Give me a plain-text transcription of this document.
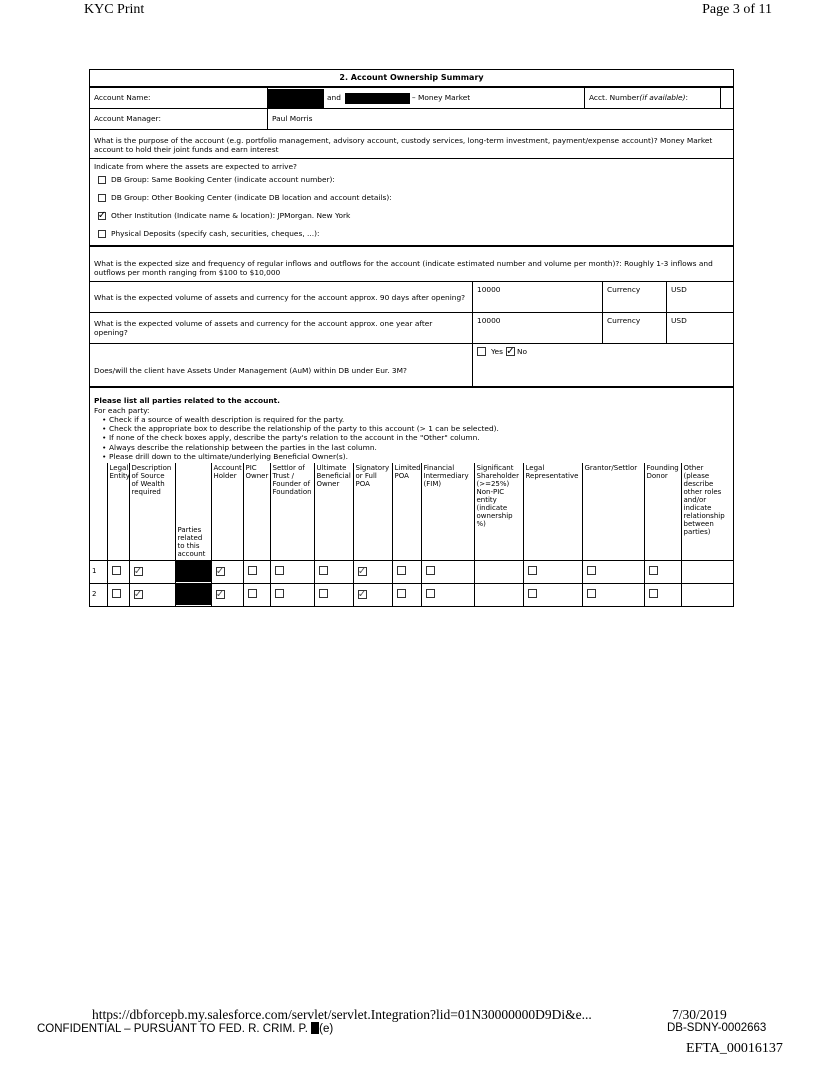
KYC Print	Page 3 of 11
2. Account Ownership Summary
Account Name:	and	– Money Market	Acct. Number (if available) :
Account Manager:	Paul Morris
What is the purpose of the account (e.g. portfolio management, advisory account, custody services, long-term investment, payment/expense account)? Money Market account to hold their joint funds and earn interest
Indicate from where the assets are expected to arrive?
DB Group: Same Booking Center (indicate account number):
DB Group: Other Booking Center (indicate DB location and account details):
✓ Other Institution (Indicate name & location): JPMorgan. New York
Physical Deposits (specify cash, securities, cheques, ...):
What is the expected size and frequency of regular inflows and outflows for the account (indicate estimated number and volume per month)?: Roughly 1-3 inflows and outflows per month ranging from $100 to $10,000
What is the expected volume of assets and currency for the account approx. 90 days after opening?
10000	Currency	USD
What is the expected volume of assets and currency for the account approx. one year after opening?
10000	Currency	USD
Does/will the client have Assets Under Management (AuM) within DB under Eur. 3M?
Yes ✓ No
Please list all parties related to the account.
For each party:
• Check if a source of wealth description is required for the party.
• Check the appropriate box to describe the relationship of the party to this account (> 1 can be selected).
• If none of the check boxes apply, describe the party's relation to the account in the "Other" column.
• Always describe the relationship between the parties in the last column.
• Please drill down to the ultimate/underlying Beneficial Owner(s).
	Legal Entity	Description of Source of Wealth required	Parties related to this account	Account Holder	PIC Owner	Settlor of Trust / Founder of Foundation	Ultimate Beneficial Owner	Signatory or Full POA	Limited POA	Financial Intermediary (FIM)	Significant Shareholder (>=25%) Non-PIC entity (indicate ownership %)	Legal Representative	Grantor/Settlor	Founding Donor	Other (please describe other roles and/or indicate relationship between parties)
1		✓		✓				✓							

2		✓		✓				✓							

https://dbforcepb.my.salesforce.com/servlet/servlet.Integration?lid=01N30000000D9Di&e...	7/30/2019
CONFIDENTIAL – PURSUANT TO FED. R. CRIM. P. (e)	DB-SDNY-0002663
EFTA_00016137
